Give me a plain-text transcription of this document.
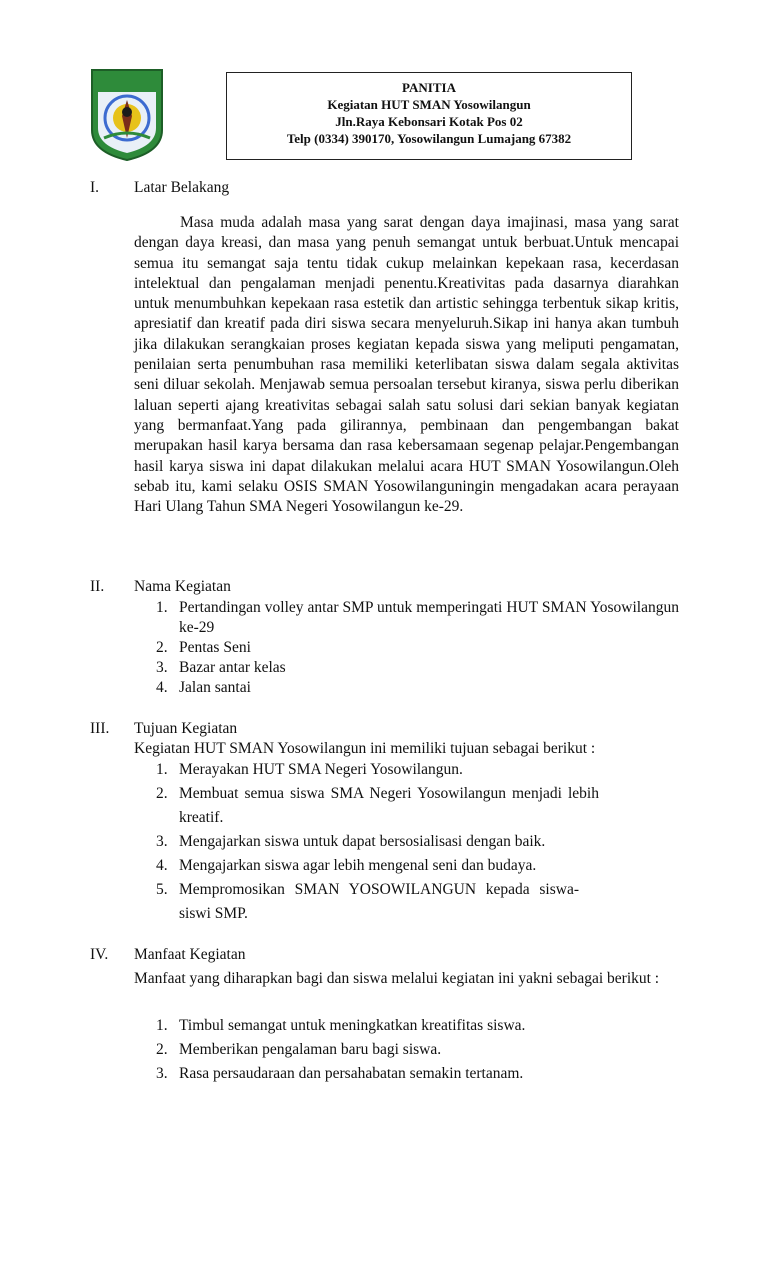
PANITIA
Kegiatan HUT SMAN Yosowilangun
Jln.Raya Kebonsari Kotak Pos 02
Telp (0334) 390170, Yosowilangun Lumajang 67382
I.	Latar Belakang
Masa muda adalah masa yang sarat dengan daya imajinasi, masa yang sarat dengan daya kreasi, dan masa yang penuh semangat untuk berbuat.Untuk mencapai semua itu semangat saja tentu tidak cukup melainkan kepekaan rasa, kecerdasan intelektual dan pengalaman menjadi penentu.Kreativitas pada dasarnya diarahkan untuk menumbuhkan kepekaan rasa estetik dan artistic sehingga terbentuk sikap kritis, apresiatif dan kreatif pada diri siswa secara menyeluruh.Sikap ini hanya akan tumbuh jika dilakukan serangkaian proses kegiatan kepada siswa yang meliputi pengamatan, penilaian serta penumbuhan rasa memiliki keterlibatan siswa dalam segala aktivitas seni diluar sekolah. Menjawab semua persoalan tersebut kiranya, siswa perlu diberikan laluan seperti ajang kreativitas sebagai salah satu solusi dari sekian banyak kegiatan yang bermanfaat.Yang pada gilirannya, pembinaan dan pengembangan bakat merupakan hasil karya bersama dan rasa kebersamaan segenap pelajar.Pengembangan hasil karya siswa ini dapat dilakukan melalui acara HUT SMAN Yosowilangun.Oleh sebab itu, kami selaku OSIS SMAN Yosowilanguningin mengadakan acara perayaan Hari Ulang Tahun SMA Negeri Yosowilangun ke-29.
II.	Nama Kegiatan
1. Pertandingan volley antar SMP untuk memperingati HUT SMAN Yosowilangun ke-29
2. Pentas Seni
3. Bazar antar kelas
4. Jalan santai
III.	Tujuan Kegiatan
Kegiatan HUT SMAN Yosowilangun ini memiliki tujuan sebagai berikut :
1. Merayakan HUT SMA Negeri Yosowilangun.
2. Membuat semua siswa SMA Negeri Yosowilangun menjadi lebih kreatif.
3. Mengajarkan siswa untuk dapat bersosialisasi dengan baik.
4. Mengajarkan siswa agar lebih mengenal seni dan budaya.
5. Mempromosikan SMAN YOSOWILANGUN kepada siswa-siswi SMP.
IV.	Manfaat Kegiatan
Manfaat yang diharapkan bagi dan siswa melalui kegiatan ini yakni sebagai berikut :
1. Timbul semangat untuk meningkatkan kreatifitas siswa.
2. Memberikan pengalaman baru bagi siswa.
3. Rasa persaudaraan dan persahabatan semakin tertanam.
